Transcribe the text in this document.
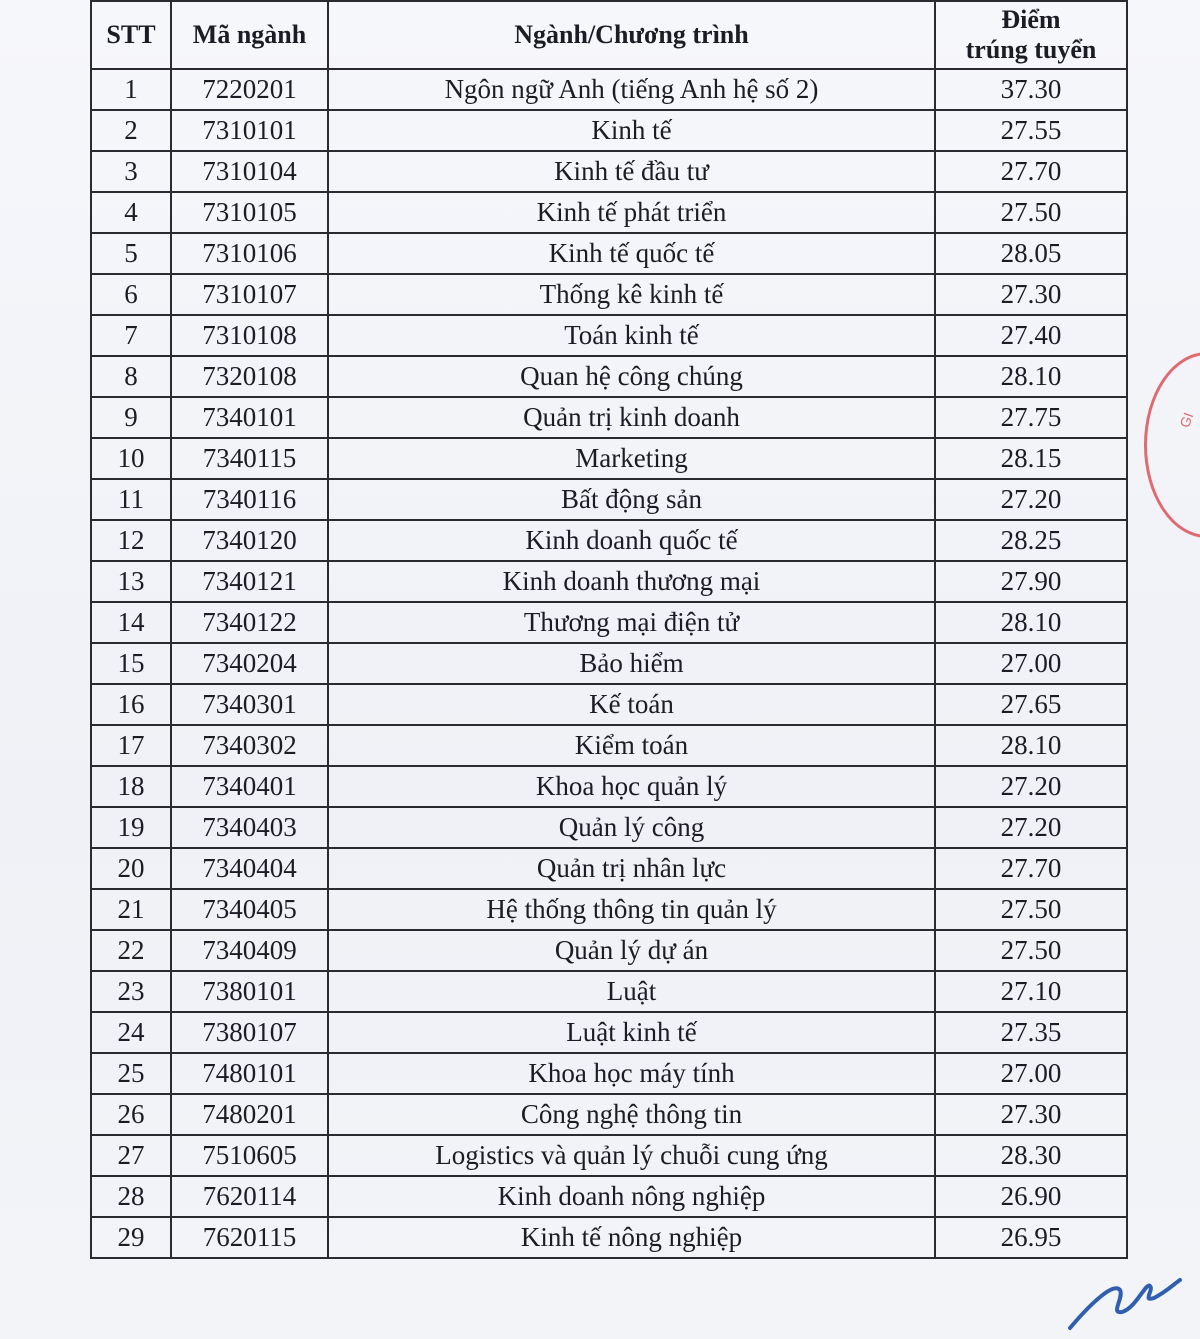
STT	Mã ngành	Ngành/Chương trình	Điểm
trúng tuyển

1	7220201	Ngôn ngữ Anh (tiếng Anh hệ số 2)	37.30
2	7310101	Kinh tế	27.55
3	7310104	Kinh tế đầu tư	27.70
4	7310105	Kinh tế phát triển	27.50
5	7310106	Kinh tế quốc tế	28.05
6	7310107	Thống kê kinh tế	27.30
7	7310108	Toán kinh tế	27.40
8	7320108	Quan hệ công chúng	28.10
9	7340101	Quản trị kinh doanh	27.75
10	7340115	Marketing	28.15
11	7340116	Bất động sản	27.20
12	7340120	Kinh doanh quốc tế	28.25
13	7340121	Kinh doanh thương mại	27.90
14	7340122	Thương mại điện tử	28.10
15	7340204	Bảo hiểm	27.00
16	7340301	Kế toán	27.65
17	7340302	Kiểm toán	28.10
18	7340401	Khoa học quản lý	27.20
19	7340403	Quản lý công	27.20
20	7340404	Quản trị nhân lực	27.70
21	7340405	Hệ thống thông tin quản lý	27.50
22	7340409	Quản lý dự án	27.50
23	7380101	Luật	27.10
24	7380107	Luật kinh tế	27.35
25	7480101	Khoa học máy tính	27.00
26	7480201	Công nghệ thông tin	27.30
27	7510605	Logistics và quản lý chuỗi cung ứng	28.30
28	7620114	Kinh doanh nông nghiệp	26.90
29	7620115	Kinh tế nông nghiệp	26.95
GI
